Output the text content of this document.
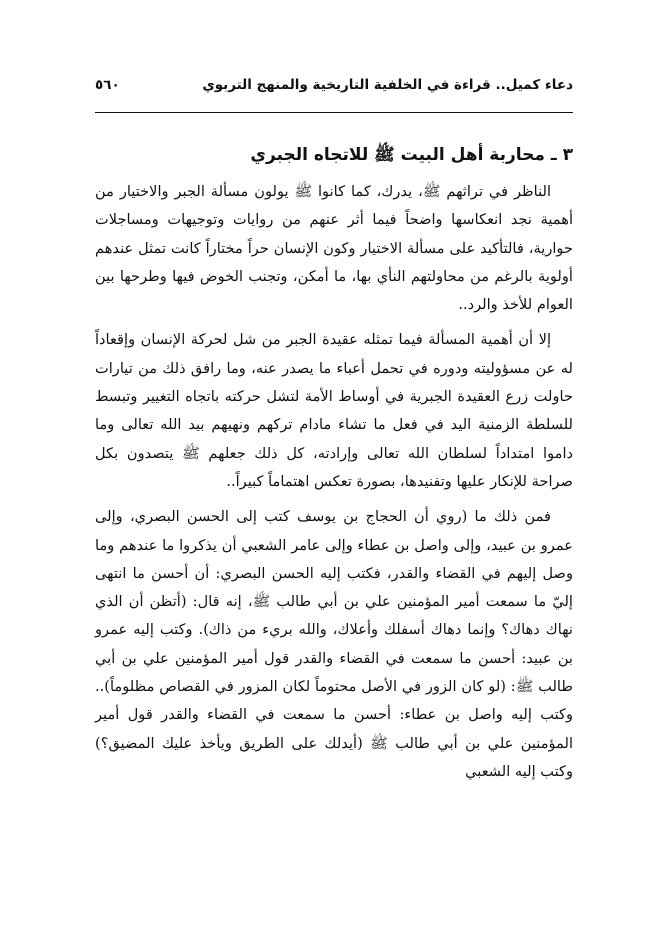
دعاء كميل.. قراءة في الخلفية التاريخية والمنهج التربوي
٥٦٠
٣ ـ محاربة أهل البيت ﷺ للاتجاه الجبري

الناظر في تراثهم ﷺ، يدرك، كما كانوا ﷺ يولون مسألة الجبر والاختيار من أهمية نجد انعكاسها واضحاً فيما أثر عنهم من روايات وتوجيهات ومساجلات حوارية، فالتأكيد على مسألة الاختيار وكون الإنسان حراً مختاراً كانت تمثل عندهم أولوية بالرغم من محاولتهم النأي بها، ما أمكن، وتجنب الخوض فيها وطرحها بين العوام للأخذ والرد..

إلا أن أهمية المسألة فيما تمثله عقيدة الجبر من شل لحركة الإنسان وإقعاداً له عن مسؤوليته ودوره في تحمل أعباء ما يصدر عنه، وما رافق ذلك من تيارات حاولت زرع العقيدة الجبرية في أوساط الأمة لتشل حركته باتجاه التغيير وتبسط للسلطة الزمنية اليد في فعل ما تشاء مادام تركهم ونهيهم بيد الله تعالى وما داموا امتداداً لسلطان الله تعالى وإرادته، كل ذلك جعلهم ﷺ يتصدون بكل صراحة للإنكار عليها وتفنيدها، بصورة تعكس اهتماماً كبيراً..

فمن ذلك ما (روي أن الحجاج بن يوسف كتب إلى الحسن البصري، وإلى عمرو بن عبيد، وإلى واصل بن عطاء وإلى عامر الشعبي أن يذكروا ما عندهم وما وصل إليهم في القضاء والقدر، فكتب إليه الحسن البصري: أن أحسن ما انتهى إليّ ما سمعت أمير المؤمنين علي بن أبي طالب ﷺ، إنه قال: (أتظن أن الذي نهاك دهاك؟ وإنما دهاك أسفلك وأعلاك، والله بريء من ذاك). وكتب إليه عمرو بن عبيد: أحسن ما سمعت في القضاء والقدر قول أمير المؤمنين علي بن أبي طالب ﷺ: (لو كان الزور في الأصل محتوماً لكان المزور في القصاص مظلوماً).. وكتب إليه واصل بن عطاء: أحسن ما سمعت في القضاء والقدر قول أمير المؤمنين علي بن أبي طالب ﷺ (أيدلك على الطريق ويأخذ عليك المضيق؟) وكتب إليه الشعبي
